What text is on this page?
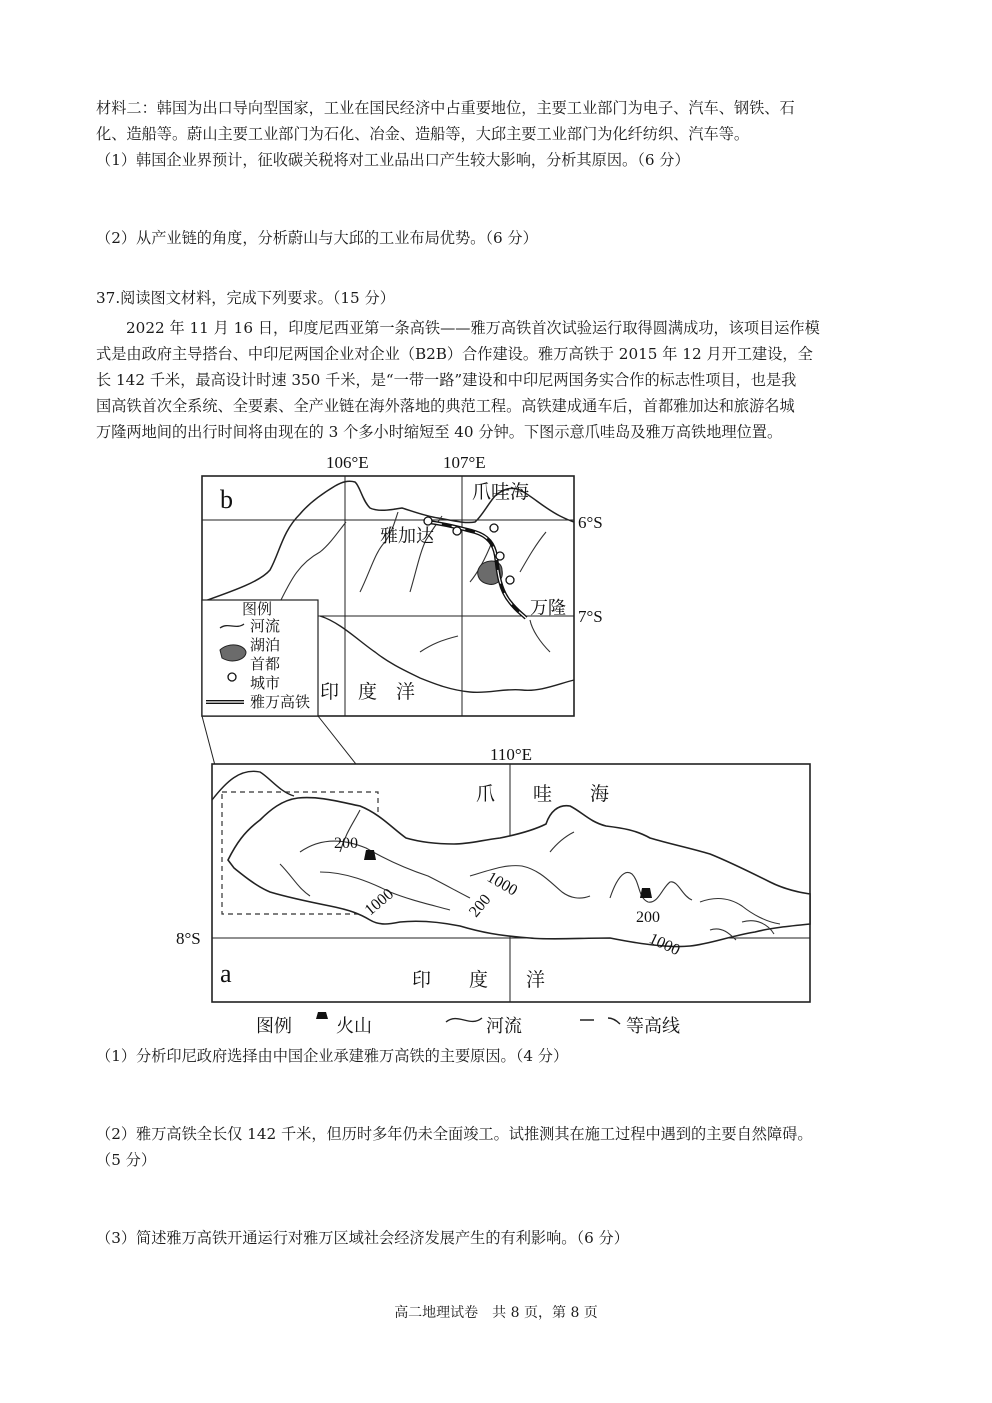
材料二：韩国为出口导向型国家，工业在国民经济中占重要地位，主要工业部门为电子、汽车、钢铁、石
化、造船等。蔚山主要工业部门为石化、冶金、造船等，大邱主要工业部门为化纤纺织、汽车等。
（1）韩国企业界预计，征收碳关税将对工业品出口产生较大影响，分析其原因。（6 分）
（2）从产业链的角度，分析蔚山与大邱的工业布局优势。（6 分）
37.阅读图文材料，完成下列要求。（15 分）
2022 年 11 月 16 日，印度尼西亚第一条高铁——雅万高铁首次试验运行取得圆满成功，该项目运作模
式是由政府主导搭台、中印尼两国企业对企业（B2B）合作建设。雅万高铁于 2015 年 12 月开工建设，全
长 142 千米，最高设计时速 350 千米，是“一带一路”建设和中印尼两国务实合作的标志性项目，也是我
国高铁首次全系统、全要素、全产业链在海外落地的典范工程。高铁建成通车后，首都雅加达和旅游名城
万隆两地间的出行时间将由现在的 3 个多小时缩短至 40 分钟。下图示意爪哇岛及雅万高铁地理位置。
b
106°E	107°E
6°S
7°S
爪哇海
雅加达
万隆
印　度　洋
图例
河流
湖泊
首都
城市
雅万高铁
a
110°E
8°S
爪　　哇　　海
印　　度　　洋
200
1000
1000
200	200
1000
图例 火山	河流	等高线
（1）分析印尼政府选择由中国企业承建雅万高铁的主要原因。（4 分）
（2）雅万高铁全长仅 142 千米，但历时多年仍未全面竣工。试推测其在施工过程中遇到的主要自然障碍。
（5 分）
（3）简述雅万高铁开通运行对雅万区域社会经济发展产生的有利影响。（6 分）
高二地理试卷　共 8 页，第 8 页
